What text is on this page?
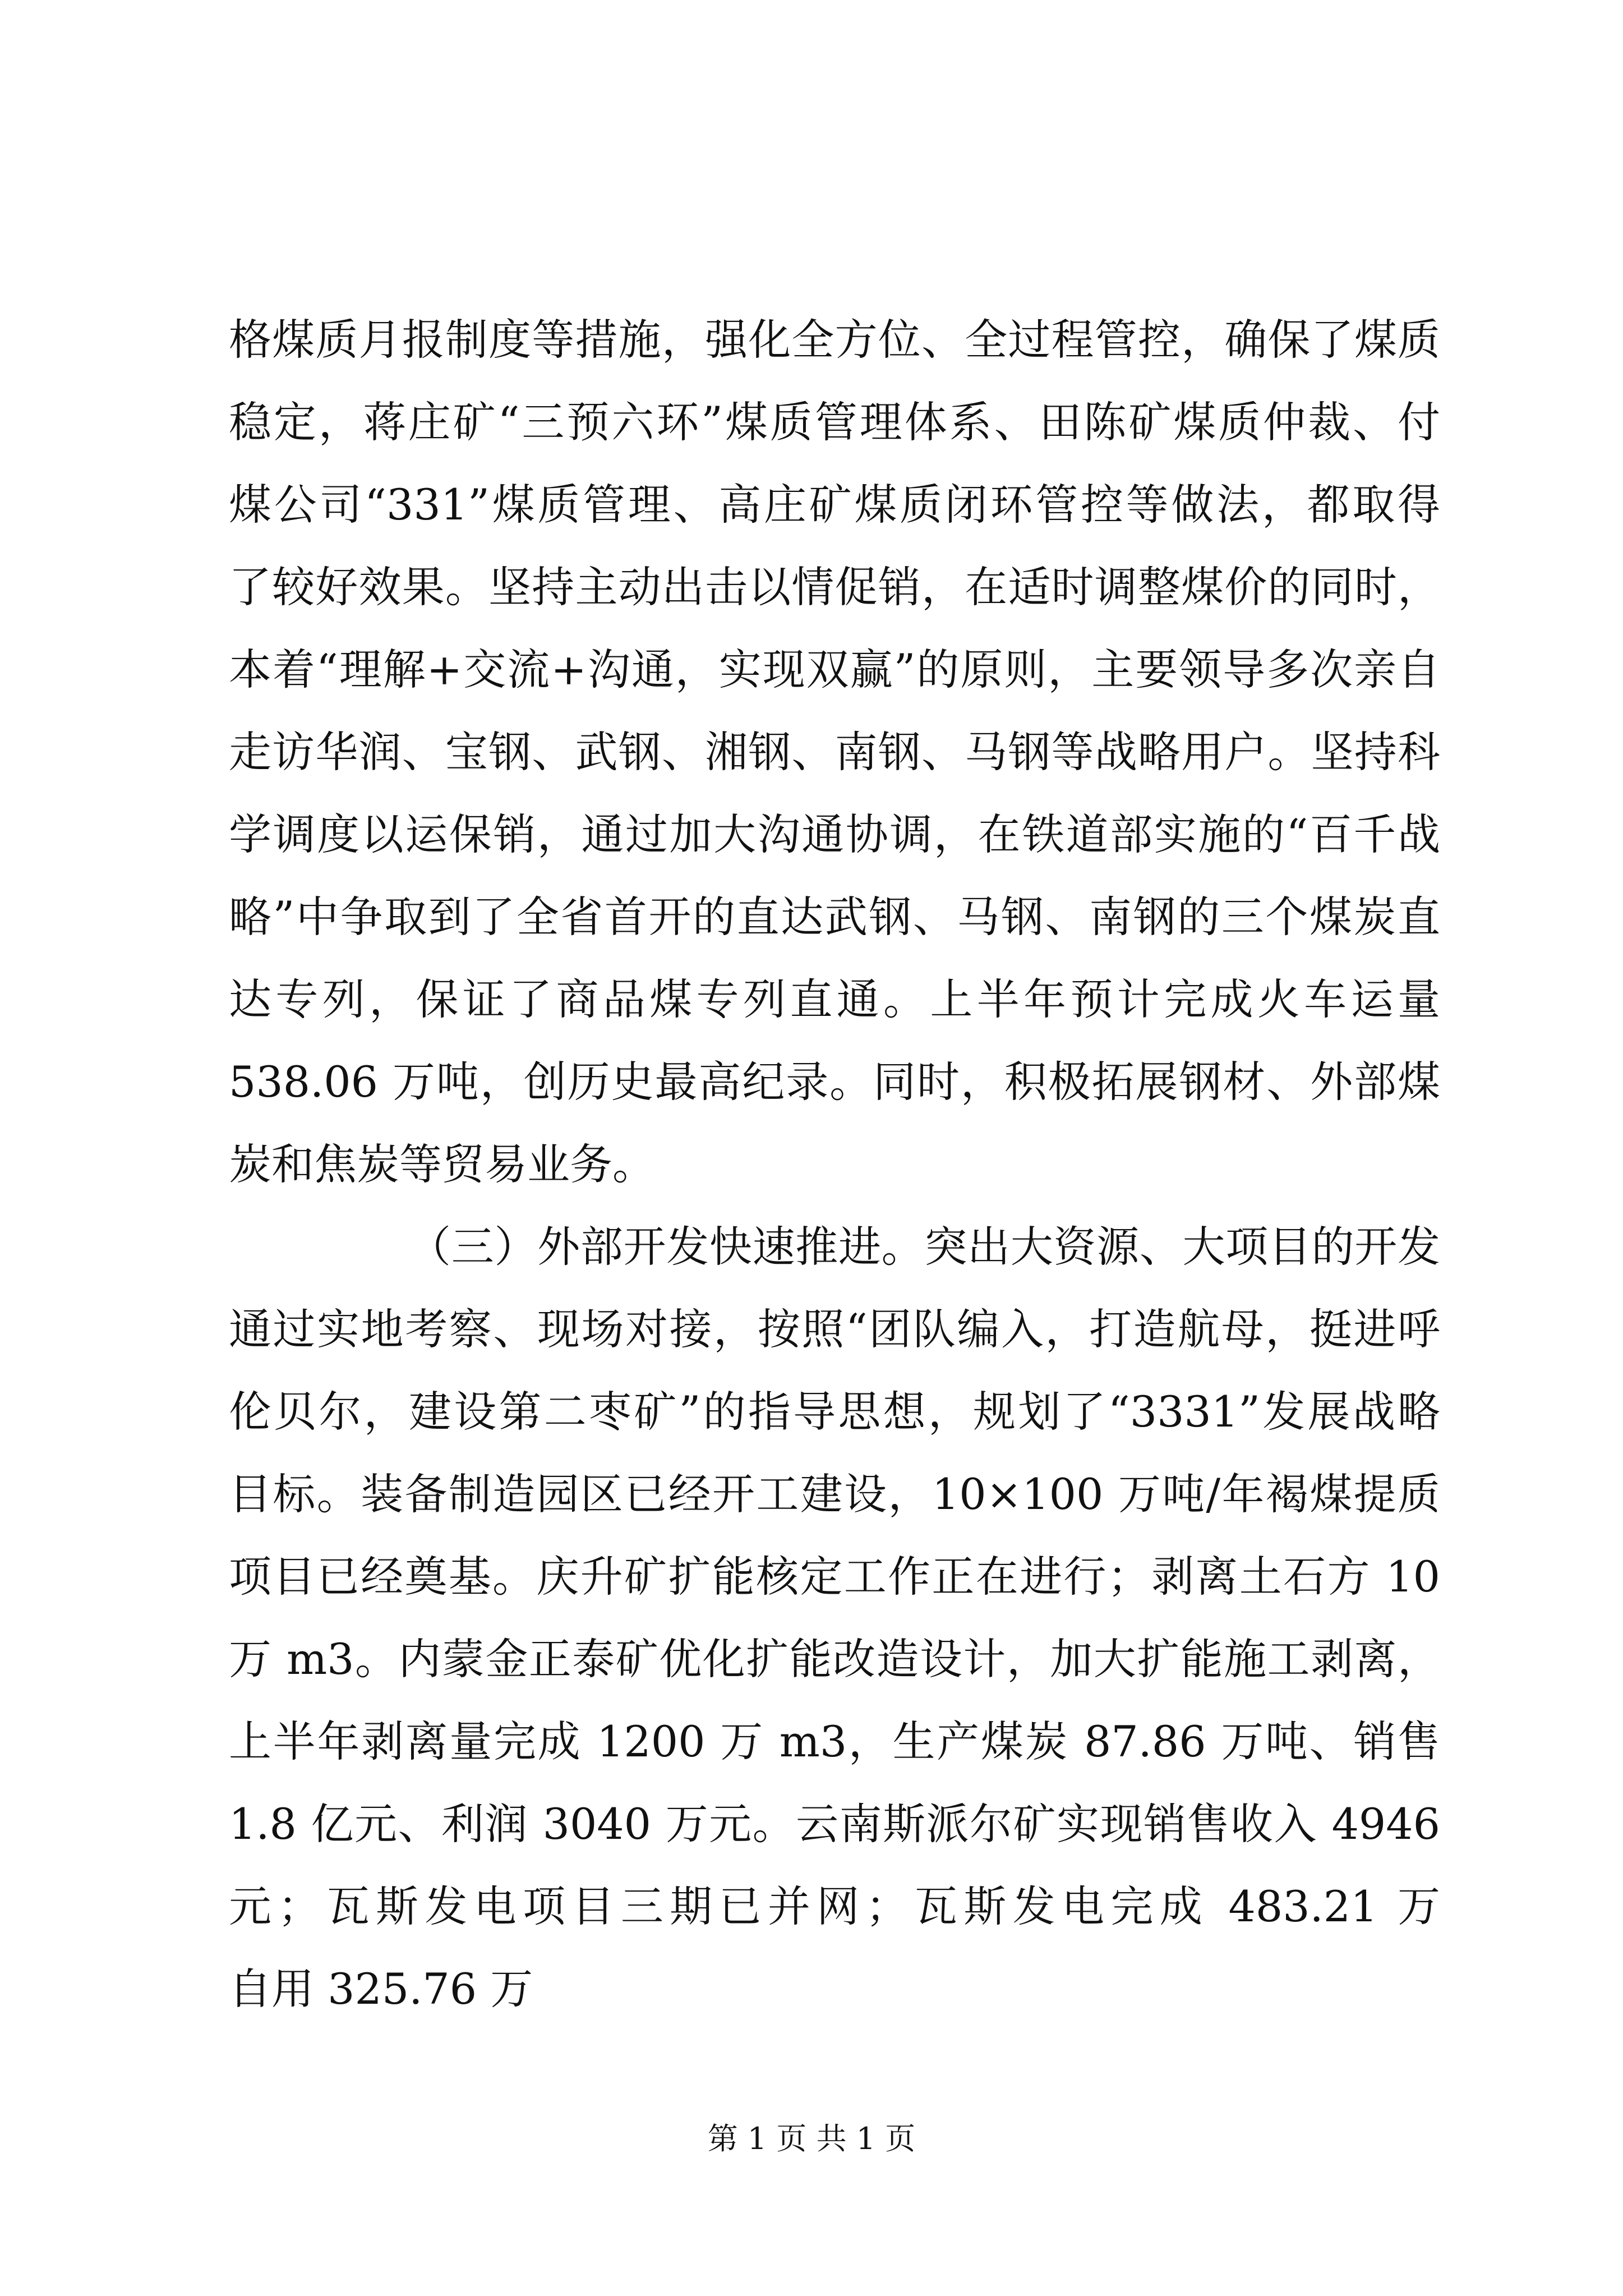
格煤质月报制度等措施，强化全方位、全过程管控，确保了煤质
稳定，蒋庄矿“三预六环”煤质管理体系、田陈矿煤质仲裁、付
煤公司“331”煤质管理、高庄矿煤质闭环管控等做法，都取得
了较好效果。坚持主动出击以情促销，在适时调整煤价的同时，
本着“理解+交流+沟通，实现双赢”的原则，主要领导多次亲自
走访华润、宝钢、武钢、湘钢、南钢、马钢等战略用户。坚持科
学调度以运保销，通过加大沟通协调，在铁道部实施的“百千战
略”中争取到了全省首开的直达武钢、马钢、南钢的三个煤炭直
达专列，保证了商品煤专列直通。上半年预计完成火车运量
538.06 万吨，创历史最高纪录。同时，积极拓展钢材、外部煤
炭和焦炭等贸易业务。
（三）外部开发快速推进。突出大资源、大项目的开发
通过实地考察、现场对接，按照“团队编入，打造航母，挺进呼
伦贝尔，建设第二枣矿”的指导思想，规划了“3331”发展战略
目标。装备制造园区已经开工建设，10×100 万吨/年褐煤提质
项目已经奠基。庆升矿扩能核定工作正在进行；剥离土石方 10
万 m3。内蒙金正泰矿优化扩能改造设计，加大扩能施工剥离，
上半年剥离量完成 1200 万 m3，生产煤炭 87.86 万吨、销售
1.8 亿元、利润 3040 万元。云南斯派尔矿实现销售收入 4946
元；瓦斯发电项目三期已并网；瓦斯发电完成 483.21 万
自用 325.76 万
第 1 页 共 1 页
